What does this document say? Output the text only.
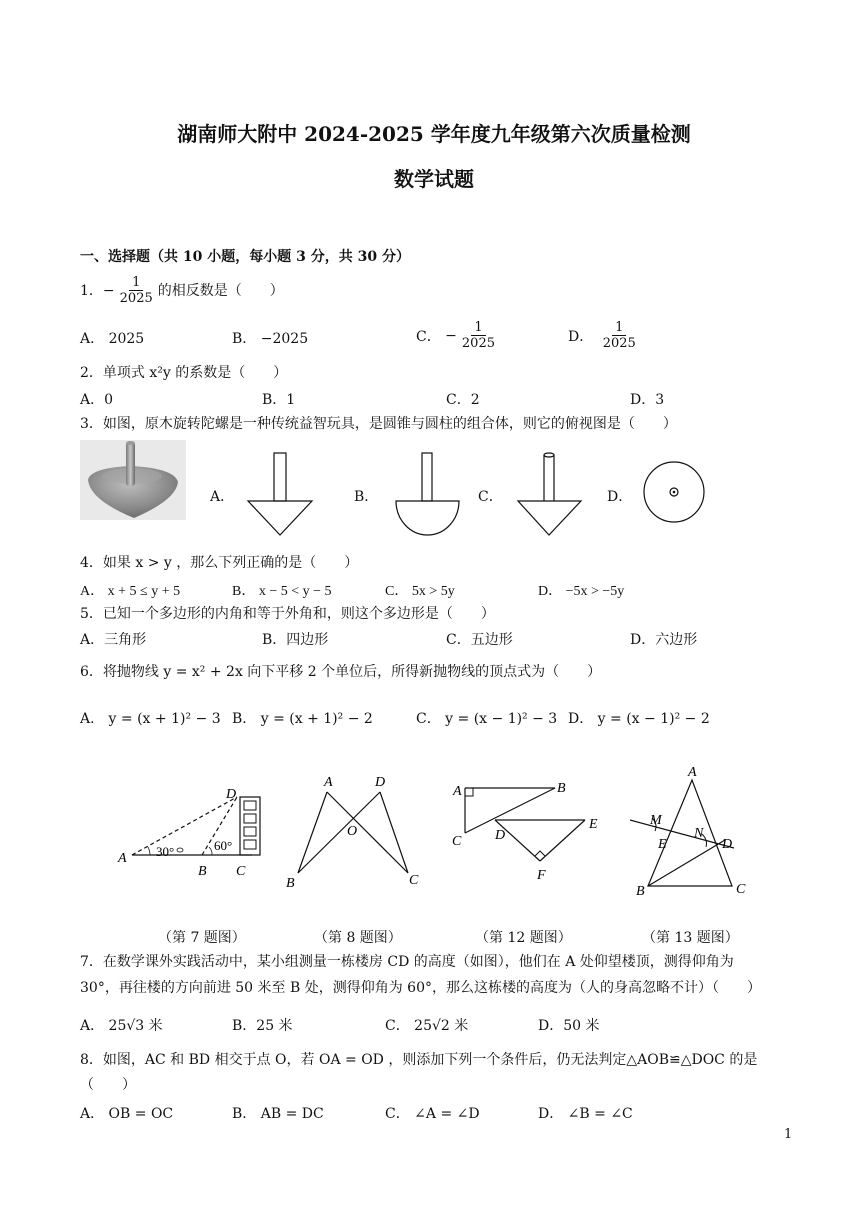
湖南师大附中 2024-2025 学年度九年级第六次质量检测
数学试题
一、选择题（共 10 小题，每小题 3 分，共 30 分）
1． − $\frac{1}{2025}$ 的相反数是（　　）
A． 2025	B． −2025	C．
− $\frac{1}{2025}$	D．
$\frac{1}{2025}$
2．单项式 x²y 的系数是（　　）
A．0	B．1	C．2	D．3
3．如图，原木旋转陀螺是一种传统益智玩具，是圆锥与圆柱的组合体，则它的俯视图是（　　）
A．	B．	C．	D．
4．如果 x > y ，那么下列正确的是（　　）
A． x + 5 ≤ y + 5	B． x − 5 < y − 5	C． 5x > 5y	D． −5x > −5y
5．已知一个多边形的内角和等于外角和，则这个多边形是（　　）
A．三角形	B．四边形	C．五边形	D．六边形
6．将抛物线 y = x² + 2x 向下平移 2 个单位后，所得新抛物线的顶点式为（　　）
A． y = (x + 1)² − 3 B． y = (x + 1)² − 2	C． y = (x − 1)² − 3 D． y = (x − 1)² − 2
D
A
B C
30°	60°
A	D
O
B	C
A	B
C D
E
F
A
M
N
E	D
B	C
（第 7 题图）	（第 8 题图）	（第 12 题图）	（第 13 题图）
7．在数学课外实践活动中，某小组测量一栋楼房 CD 的高度（如图），他们在 A 处仰望楼顶，测得仰角为
30°，再往楼的方向前进 50 米至 B 处，测得仰角为 60°，那么这栋楼的高度为（人的身高忽略不计）（　　）
A． 25√3 米	B．25 米	C． 25√2 米	D．50 米
8．如图，AC 和 BD 相交于点 O，若 OA = OD ，则添加下列一个条件后，仍无法判定△AOB≌△DOC 的是
（　　）
A． OB = OC	B． AB = DC	C． ∠A = ∠D	D． ∠B = ∠C
1
